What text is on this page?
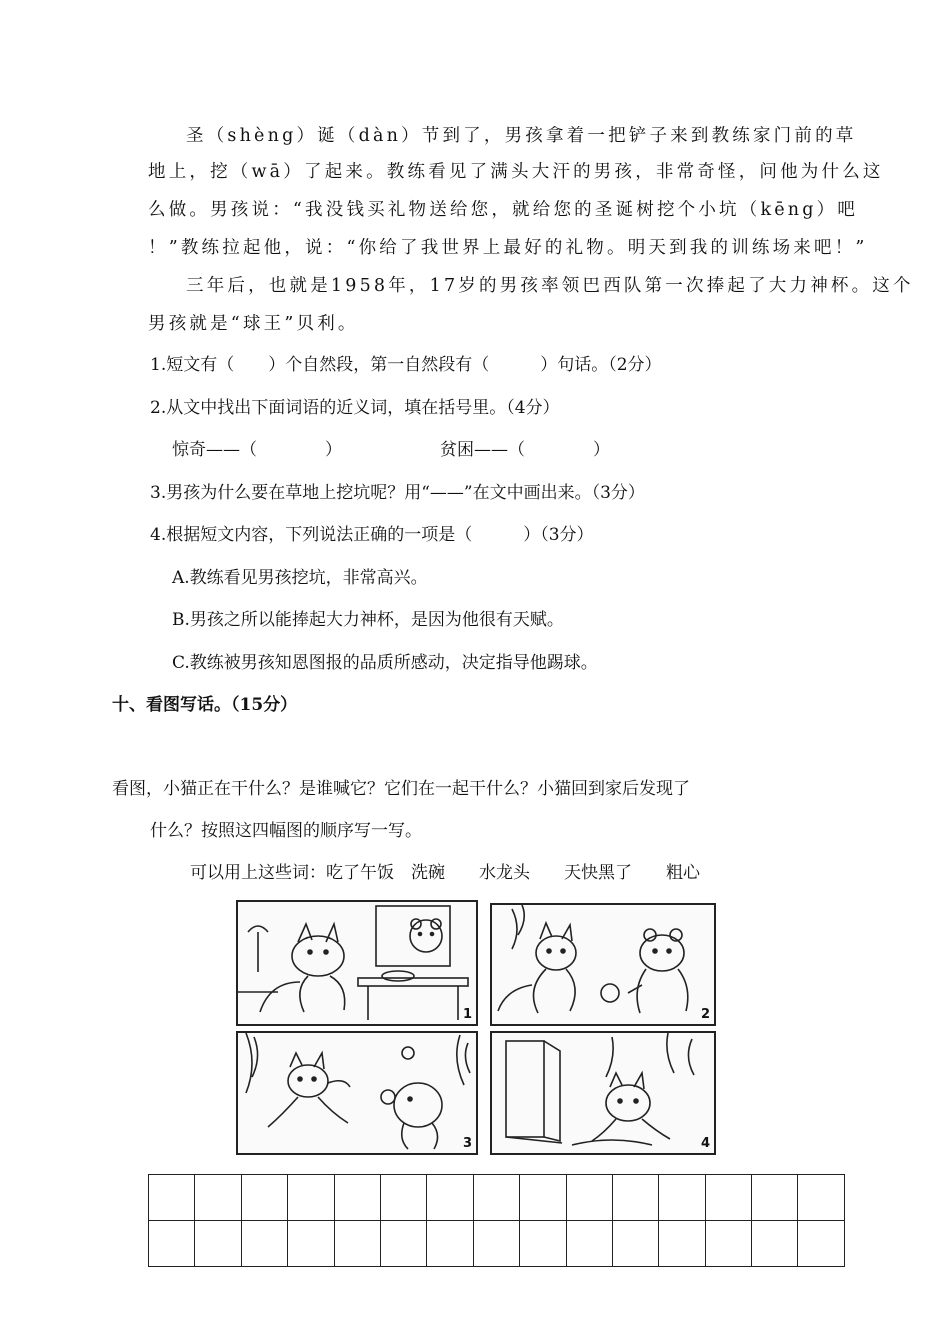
圣（shèng）诞（dàn）节到了，男孩拿着一把铲子来到教练家门前的草
地上，挖（wā）了起来。教练看见了满头大汗的男孩，非常奇怪，问他为什么这
么做。男孩说：“我没钱买礼物送给您，就给您的圣诞树挖个小坑（kēng）吧
！”教练拉起他，说：“你给了我世界上最好的礼物。明天到我的训练场来吧！”
三年后，也就是1958年，17岁的男孩率领巴西队第一次捧起了大力神杯。这个
男孩就是“球王”贝利。
1.短文有（　　）个自然段，第一自然段有（　　　）句话。（2分）
2.从文中找出下面词语的近义词，填在括号里。（4分）
惊奇——（　　　　）	贫困——（　　　　）
3.男孩为什么要在草地上挖坑呢？用“——”在文中画出来。（3分）
4.根据短文内容，下列说法正确的一项是（　　　）（3分）
A.教练看见男孩挖坑，非常高兴。
B.男孩之所以能捧起大力神杯，是因为他很有天赋。
C.教练被男孩知恩图报的品质所感动，决定指导他踢球。
十、看图写话。（15分）
看图，小猫正在干什么？是谁喊它？它们在一起干什么？小猫回到家后发现了
什么？按照这四幅图的顺序写一写。
可以用上这些词：吃了午饭　洗碗　　水龙头　　天快黑了　　粗心
1	2
3	4
